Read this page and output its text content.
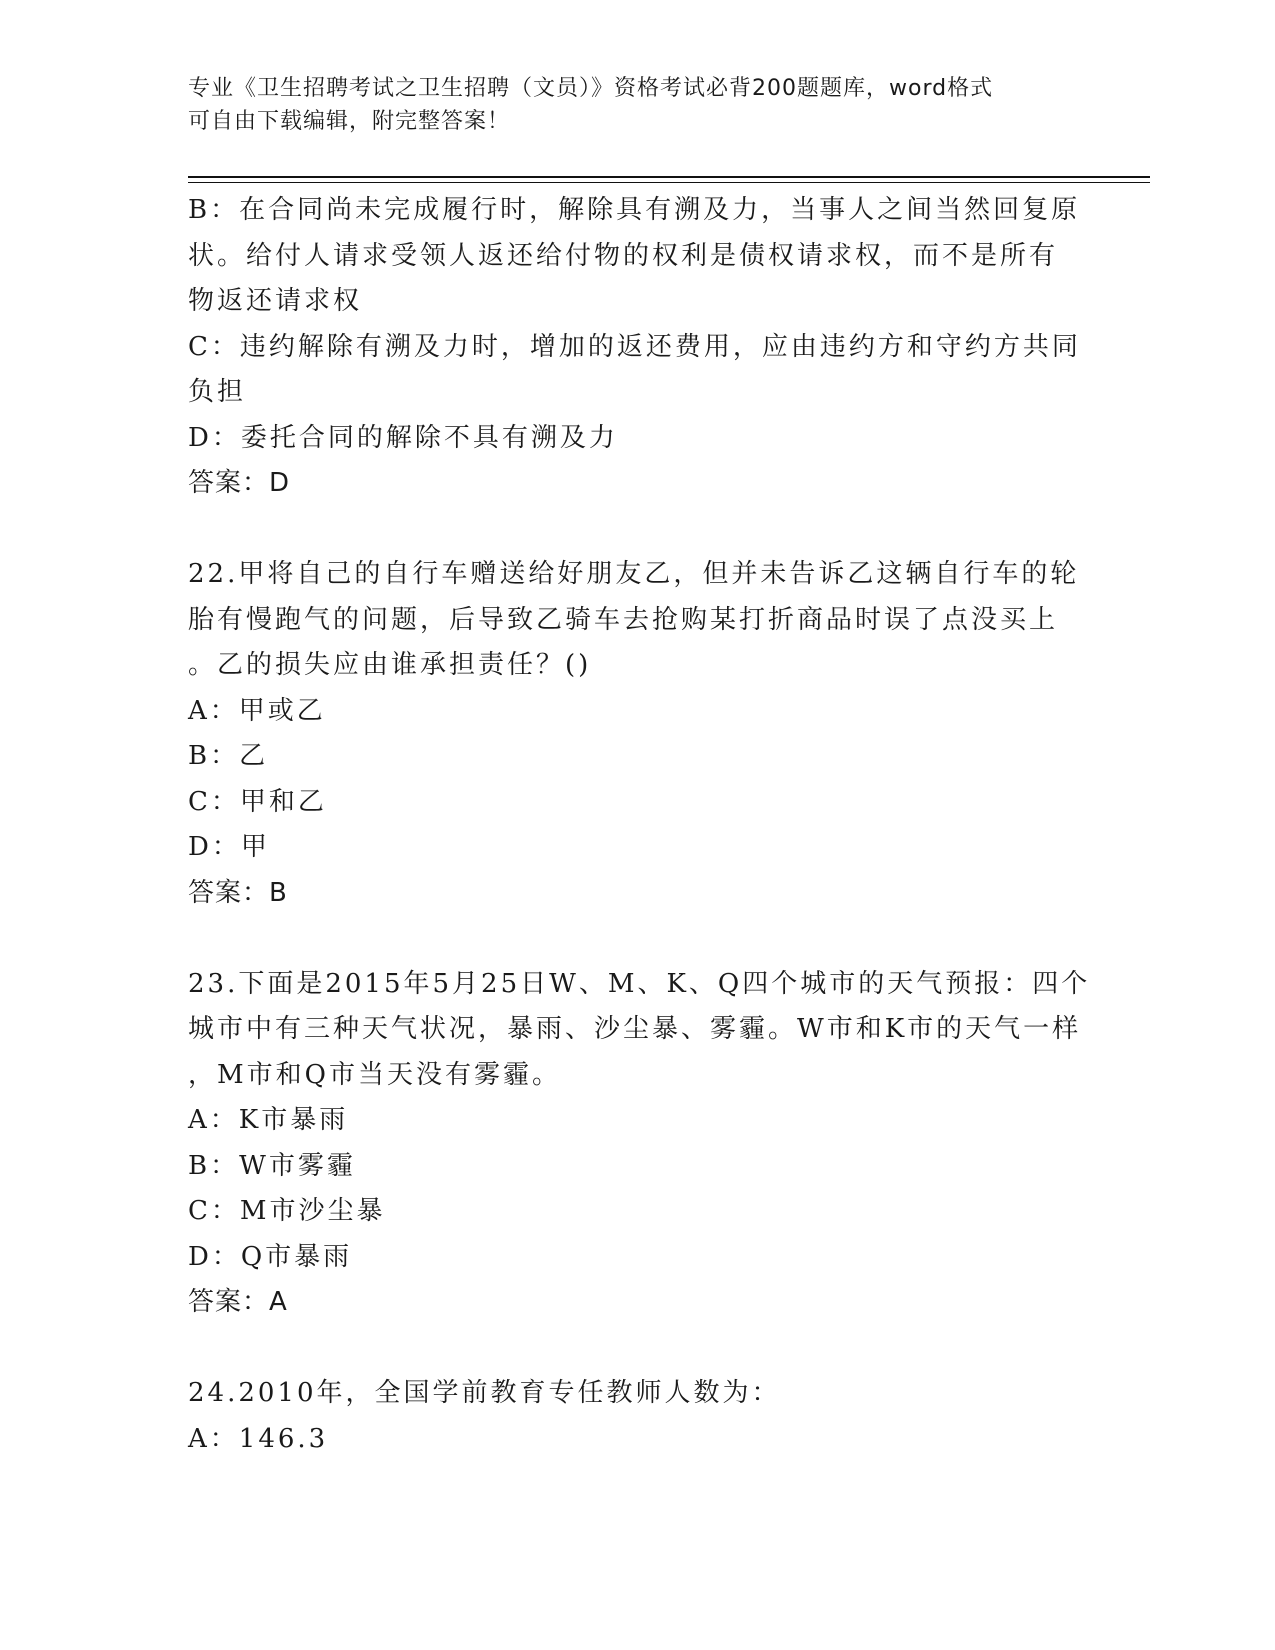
专业《卫生招聘考试之卫生招聘（文员）》资格考试必背200题题库，word格式
可自由下载编辑，附完整答案！
B：在合同尚未完成履行时，解除具有溯及力，当事人之间当然回复原
状。给付人请求受领人返还给付物的权利是债权请求权，而不是所有
物返还请求权
C：违约解除有溯及力时，增加的返还费用，应由违约方和守约方共同
负担
D：委托合同的解除不具有溯及力
答案：D
22.甲将自己的自行车赠送给好朋友乙，但并未告诉乙这辆自行车的轮
胎有慢跑气的问题，后导致乙骑车去抢购某打折商品时误了点没买上
。乙的损失应由谁承担责任？()
A：甲或乙
B：乙
C：甲和乙
D：甲
答案：B
23.下面是2015年5月25日W、M、K、Q四个城市的天气预报：四个
城市中有三种天气状况，暴雨、沙尘暴、雾霾。W市和K市的天气一样
，M市和Q市当天没有雾霾。
A：K市暴雨
B：W市雾霾
C：M市沙尘暴
D：Q市暴雨
答案：A
24.2010年，全国学前教育专任教师人数为：
A：146.3
